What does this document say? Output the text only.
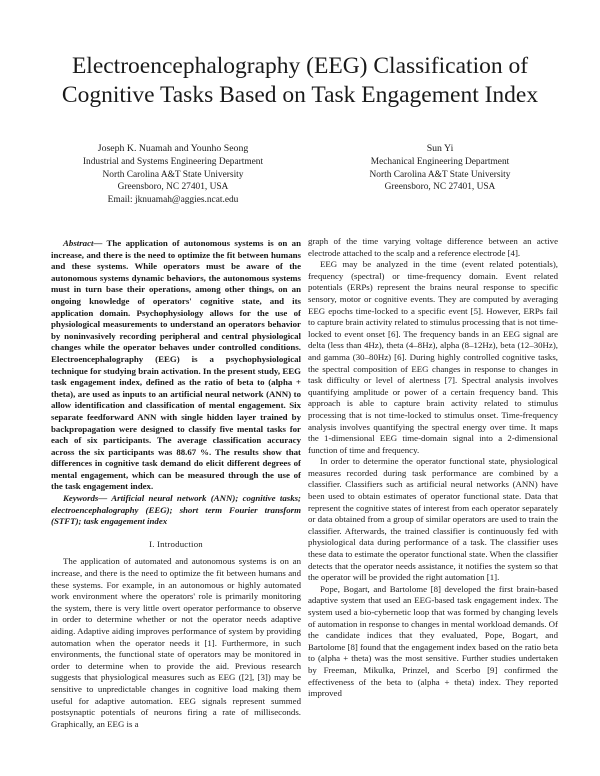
Electroencephalography (EEG) Classification of
Cognitive Tasks Based on Task Engagement Index
Joseph K. Nuamah and Younho Seong
Industrial and Systems Engineering Department
North Carolina A&T State University
Greensboro, NC 27401, USA
Email: jknuamah@aggies.ncat.edu
Sun Yi
Mechanical Engineering Department
North Carolina A&T State University
Greensboro, NC 27401, USA

Abstract— The application of autonomous systems is on an increase, and there is the need to optimize the fit between humans and these systems. While operators must be aware of the autonomous systems dynamic behaviors, the autonomous systems must in turn base their operations, among other things, on an ongoing knowledge of operators' cognitive state, and its application domain. Psychophysiology allows for the use of physiological measurements to understand an operators behavior by noninvasively recording peripheral and central physiological changes while the operator behaves under controlled conditions. Electroencephalography (EEG) is a psychophysiological technique for studying brain activation. In the present study, EEG task engagement index, defined as the ratio of beta to (alpha + theta), are used as inputs to an artificial neural network (ANN) to allow identification and classification of mental engagement. Six separate feedforward ANN with single hidden layer trained by backpropagation were designed to classify five mental tasks for each of six participants. The average classification accuracy across the six participants was 88.67 %. The results show that differences in cognitive task demand do elicit different degrees of mental engagement, which can be measured through the use of the task engagement index.

Keywords— Artificial neural network (ANN); cognitive tasks; electroencephalography (EEG); short term Fourier transform (STFT); task engagement index

I. Introduction

The application of automated and autonomous systems is on an increase, and there is the need to optimize the fit between humans and these systems. For example, in an autonomous or highly automated work environment where the operators' role is primarily monitoring the system, there is very little overt operator performance to observe in order to determine whether or not the operator needs adaptive aiding. Adaptive aiding improves performance of system by providing automation when the operator needs it [1]. Furthermore, in such environments, the functional state of operators may be monitored in order to determine when to provide the aid. Previous research suggests that physiological measures such as EEG ([2], [3]) may be sensitive to unpredictable changes in cognitive load making them useful for adaptive automation. EEG signals represent summed postsynaptic potentials of neurons firing a rate of milliseconds. Graphically, an EEG is a

graph of the time varying voltage difference between an active electrode attached to the scalp and a reference electrode [4].

EEG may be analyzed in the time (event related potentials), frequency (spectral) or time-frequency domain. Event related potentials (ERPs) represent the brains neural response to specific sensory, motor or cognitive events. They are computed by averaging EEG epochs time-locked to a specific event [5]. However, ERPs fail to capture brain activity related to stimulus processing that is not time-locked to event onset [6]. The frequency bands in an EEG signal are delta (less than 4Hz), theta (4–8Hz), alpha (8–12Hz), beta (12–30Hz), and gamma (30–80Hz) [6]. During highly controlled cognitive tasks, the spectral composition of EEG changes in response to changes in task difficulty or level of alertness [7]. Spectral analysis involves quantifying amplitude or power of a certain frequency band. This approach is able to capture brain activity related to stimulus processing that is not time-locked to stimulus onset. Time-frequency analysis involves quantifying the spectral energy over time. It maps the 1-dimensional EEG time-domain signal into a 2-dimensional function of time and frequency.

In order to determine the operator functional state, physiological measures recorded during task performance are combined by a classifier. Classifiers such as artificial neural networks (ANN) have been used to obtain estimates of operator functional state. Data that represent the cognitive states of interest from each operator separately or data obtained from a group of similar operators are used to train the classifier. Afterwards, the trained classifier is continuously fed with physiological data during performance of a task. The classifier uses these data to estimate the operator functional state. When the classifier detects that the operator needs assistance, it notifies the system so that the operator will be provided the right automation [1].

Pope, Bogart, and Bartolome [8] developed the first brain-based adaptive system that used an EEG-based task engagement index. The system used a bio-cybernetic loop that was formed by changing levels of automation in response to changes in mental workload demands. Of the candidate indices that they evaluated, Pope, Bogart, and Bartolome [8] found that the engagement index based on the ratio beta to (alpha + theta) was the most sensitive. Further studies undertaken by Freeman, Mikulka, Prinzel, and Scerbo [9] confirmed the effectiveness of the beta to (alpha + theta) index. They reported improved
